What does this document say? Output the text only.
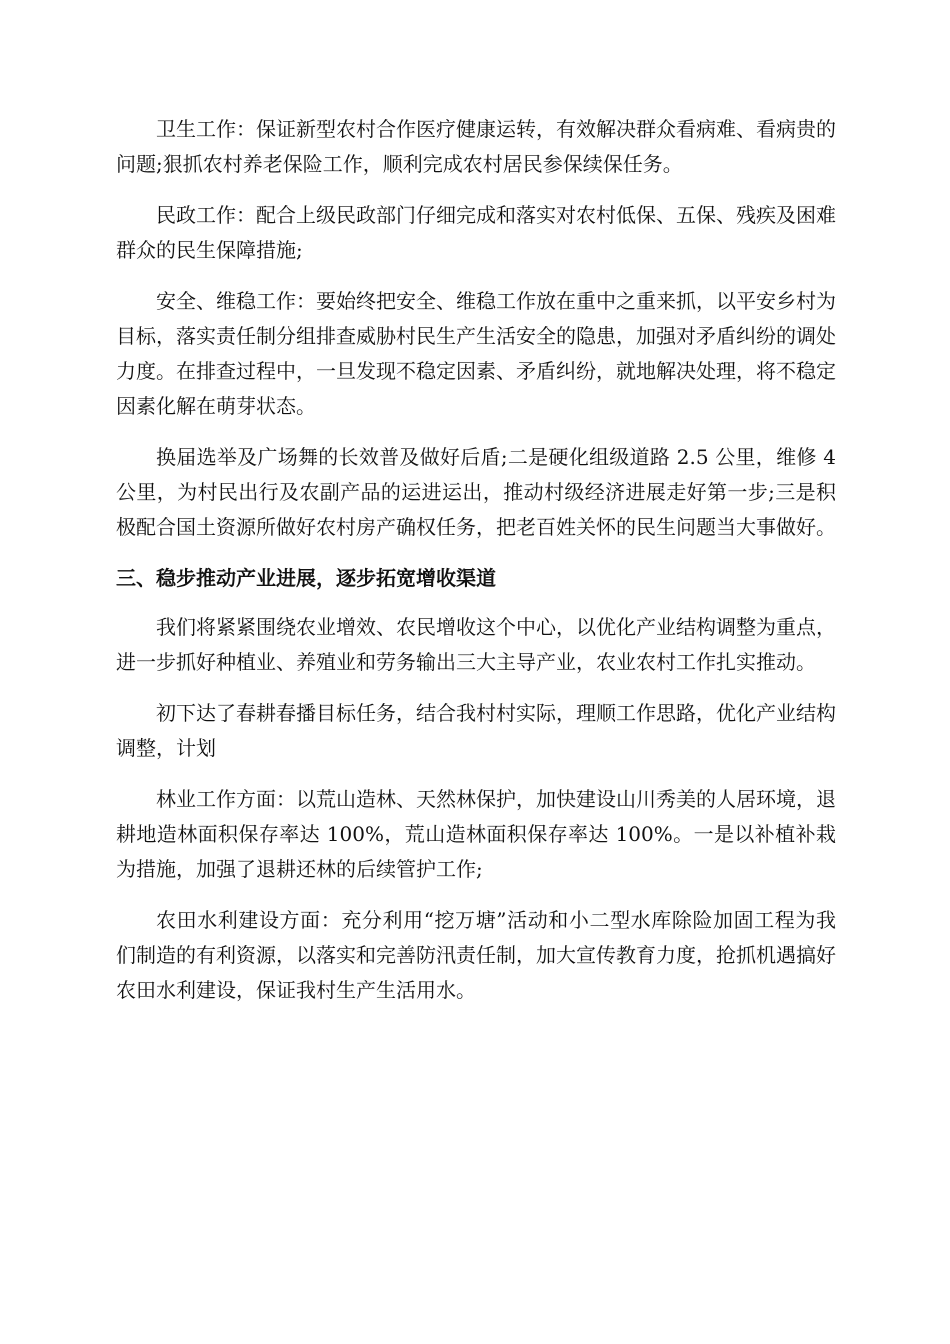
卫生工作：保证新型农村合作医疗健康运转，有效解决群众看病难、看病贵的问题;狠抓农村养老保险工作，顺利完成农村居民参保续保任务。

民政工作：配合上级民政部门仔细完成和落实对农村低保、五保、残疾及困难群众的民生保障措施;

安全、维稳工作：要始终把安全、维稳工作放在重中之重来抓，以平安乡村为目标，落实责任制分组排查威胁村民生产生活安全的隐患，加强对矛盾纠纷的调处力度。在排查过程中，一旦发现不稳定因素、矛盾纠纷，就地解决处理，将不稳定因素化解在萌芽状态。

换届选举及广场舞的长效普及做好后盾;二是硬化组级道路 2.5 公里，维修 4 公里，为村民出行及农副产品的运进运出，推动村级经济进展走好第一步;三是积极配合国土资源所做好农村房产确权任务，把老百姓关怀的民生问题当大事做好。

三、稳步推动产业进展，逐步拓宽增收渠道

我们将紧紧围绕农业增效、农民增收这个中心，以优化产业结构调整为重点，进一步抓好种植业、养殖业和劳务输出三大主导产业，农业农村工作扎实推动。

初下达了春耕春播目标任务，结合我村村实际，理顺工作思路，优化产业结构调整，计划

林业工作方面：以荒山造林、天然林保护，加快建设山川秀美的人居环境，退耕地造林面积保存率达 100%，荒山造林面积保存率达 100%。一是以补植补栽为措施，加强了退耕还林的后续管护工作;

农田水利建设方面：充分利用“挖万塘”活动和小二型水库除险加固工程为我们制造的有利资源，以落实和完善防汛责任制，加大宣传教育力度，抢抓机遇搞好农田水利建设，保证我村生产生活用水。
